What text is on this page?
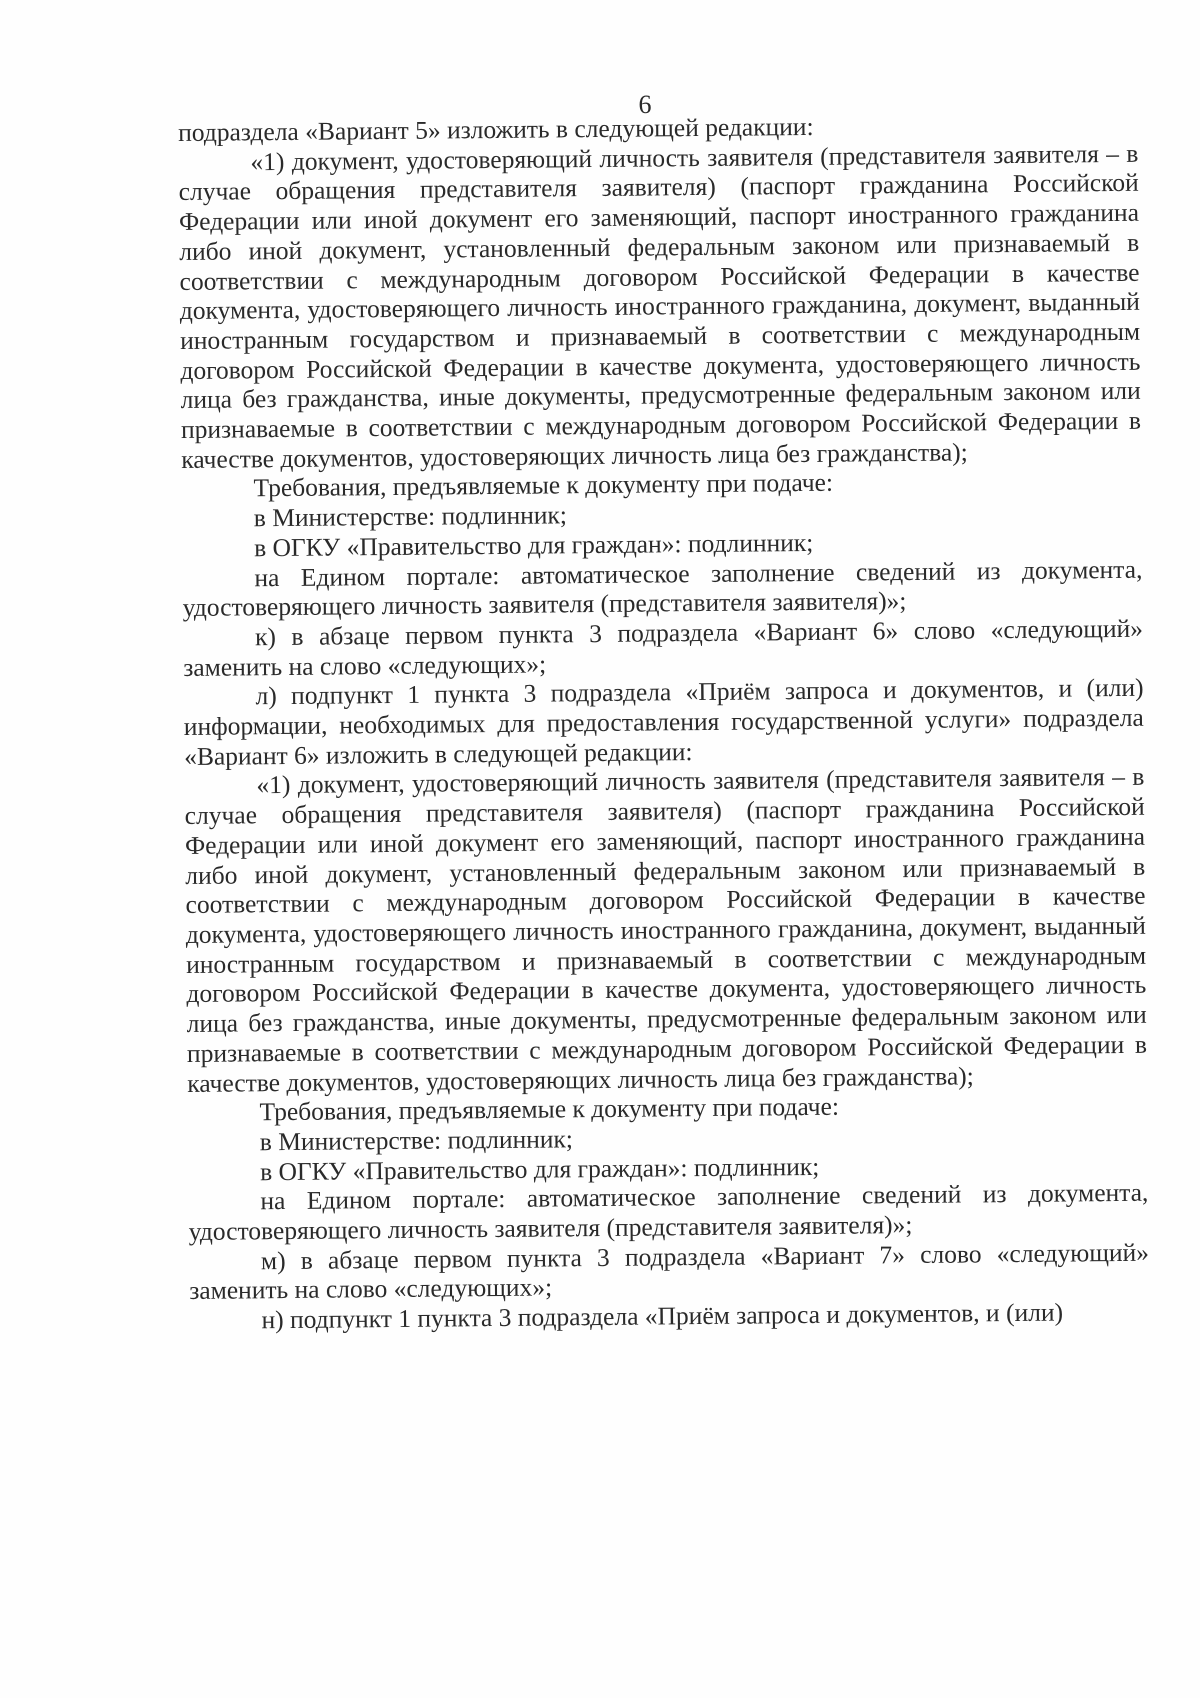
6

подраздела «Вариант 5» изложить в следующей редакции:

«1) документ, удостоверяющий личность заявителя (представителя заявителя – в случае обращения представителя заявителя) (паспорт гражданина Российской Федерации или иной документ его заменяющий, паспорт иностранного гражданина либо иной документ, установленный федеральным законом или признаваемый в соответствии с международным договором Российской Федерации в качестве документа, удостоверяющего личность иностранного гражданина, документ, выданный иностранным государством и признаваемый в соответствии с международным договором Российской Федерации в качестве документа, удостоверяющего личность лица без гражданства, иные документы, предусмотренные федеральным законом или признаваемые в соответствии с международным договором Российской Федерации в качестве документов, удостоверяющих личность лица без гражданства);

Требования, предъявляемые к документу при подаче:

в Министерстве: подлинник;

в ОГКУ «Правительство для граждан»: подлинник;

на Едином портале: автоматическое заполнение сведений из документа, удостоверяющего личность заявителя (представителя заявителя)»;

к) в абзаце первом пункта 3 подраздела «Вариант 6» слово «следующий» заменить на слово «следующих»;

л) подпункт 1 пункта 3 подраздела «Приём запроса и документов, и (или) информации, необходимых для предоставления государственной услуги» подраздела «Вариант 6» изложить в следующей редакции:

«1) документ, удостоверяющий личность заявителя (представителя заявителя – в случае обращения представителя заявителя) (паспорт гражданина Российской Федерации или иной документ его заменяющий, паспорт иностранного гражданина либо иной документ, установленный федеральным законом или признаваемый в соответствии с международным договором Российской Федерации в качестве документа, удостоверяющего личность иностранного гражданина, документ, выданный иностранным государством и признаваемый в соответствии с международным договором Российской Федерации в качестве документа, удостоверяющего личность лица без гражданства, иные документы, предусмотренные федеральным законом или признаваемые в соответствии с международным договором Российской Федерации в качестве документов, удостоверяющих личность лица без гражданства);

Требования, предъявляемые к документу при подаче:

в Министерстве: подлинник;

в ОГКУ «Правительство для граждан»: подлинник;

на Едином портале: автоматическое заполнение сведений из документа, удостоверяющего личность заявителя (представителя заявителя)»;

м) в абзаце первом пункта 3 подраздела «Вариант 7» слово «следующий» заменить на слово «следующих»;

н) подпункт 1 пункта 3 подраздела «Приём запроса и документов, и (или)
